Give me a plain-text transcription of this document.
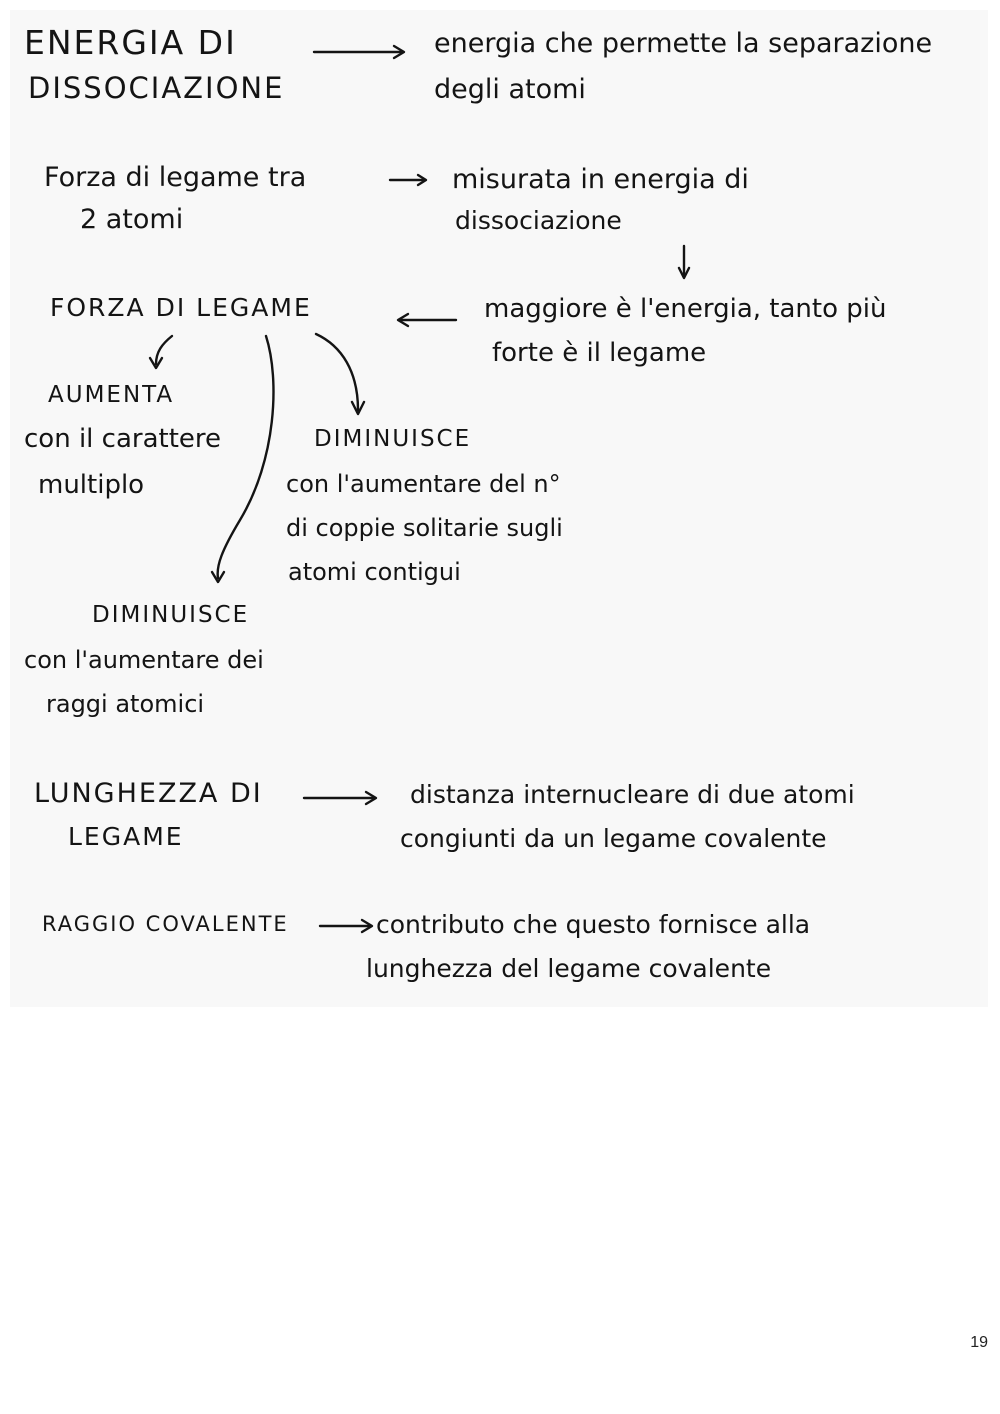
ENERGIA DI
DISSOCIAZIONE
energia che permette la separazione
degli atomi
Forza di legame tra
2 atomi
misurata in energia di
dissociazione
FORZA DI LEGAME	maggiore è l'energia, tanto più
forte è il legame
AUMENTA
con il carattere
multiplo
DIMINUISCE
con l'aumentare del n°
di coppie solitarie sugli
atomi contigui
DIMINUISCE
con l'aumentare dei
raggi atomici
LUNGHEZZA DI
LEGAME
distanza internucleare di due atomi
congiunti da un legame covalente
RAGGIO COVALENTE	contributo che questo fornisce alla
lunghezza del legame covalente
19
